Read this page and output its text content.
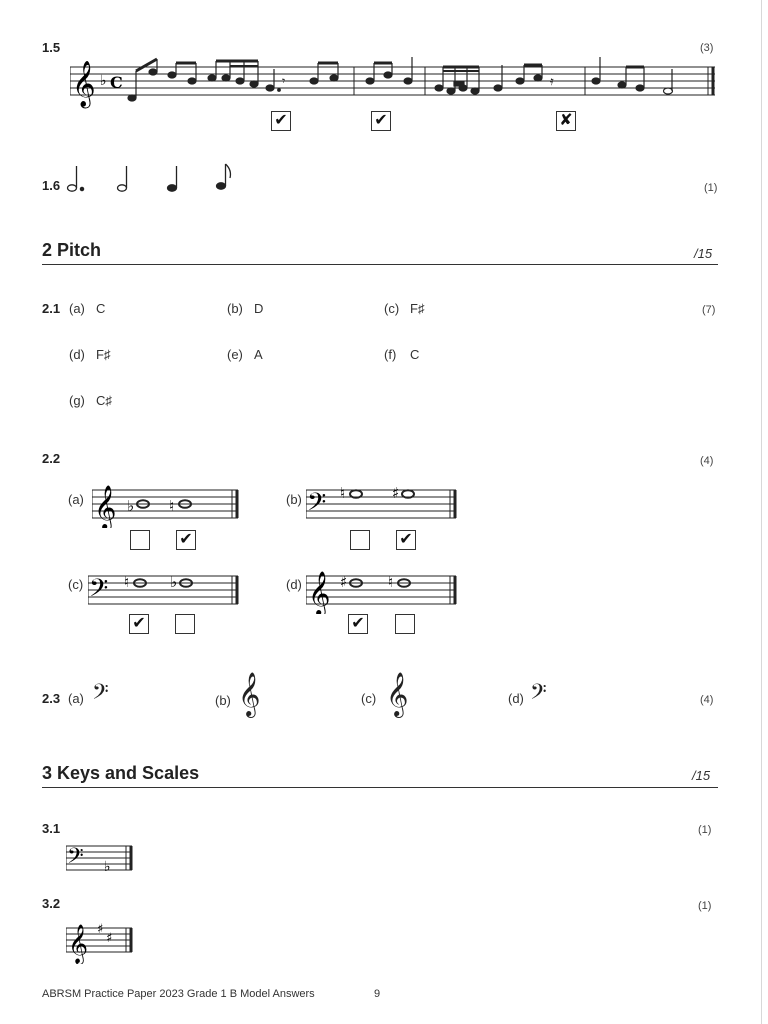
1.5	(3)
𝄞 ♭ C	𝄾	𝄿
✔	✔	✘
1.6	(1)
2 Pitch	/15
2.1	(7)
(a) C	(b) D	(c) F♯
(d) F♯	(e) A	(f) C
(g) C♯
2.2	(4)
(a) 𝄞 ♭ ♮
✔
(b) 𝄢 ♮	♯
✔
(c) 𝄢 ♮	♭
✔
(d) 𝄞 ♯	♮
✔
2.3	(4)
(a) 𝄢	(b) 𝄞	(c) 𝄞	(d) 𝄢
3 Keys and Scales	/15
3.1	(1)
𝄢 ♭
3.2	(1)
𝄞 ♯
♯
ABRSM Practice Paper 2023 Grade 1 B Model Answers	9
